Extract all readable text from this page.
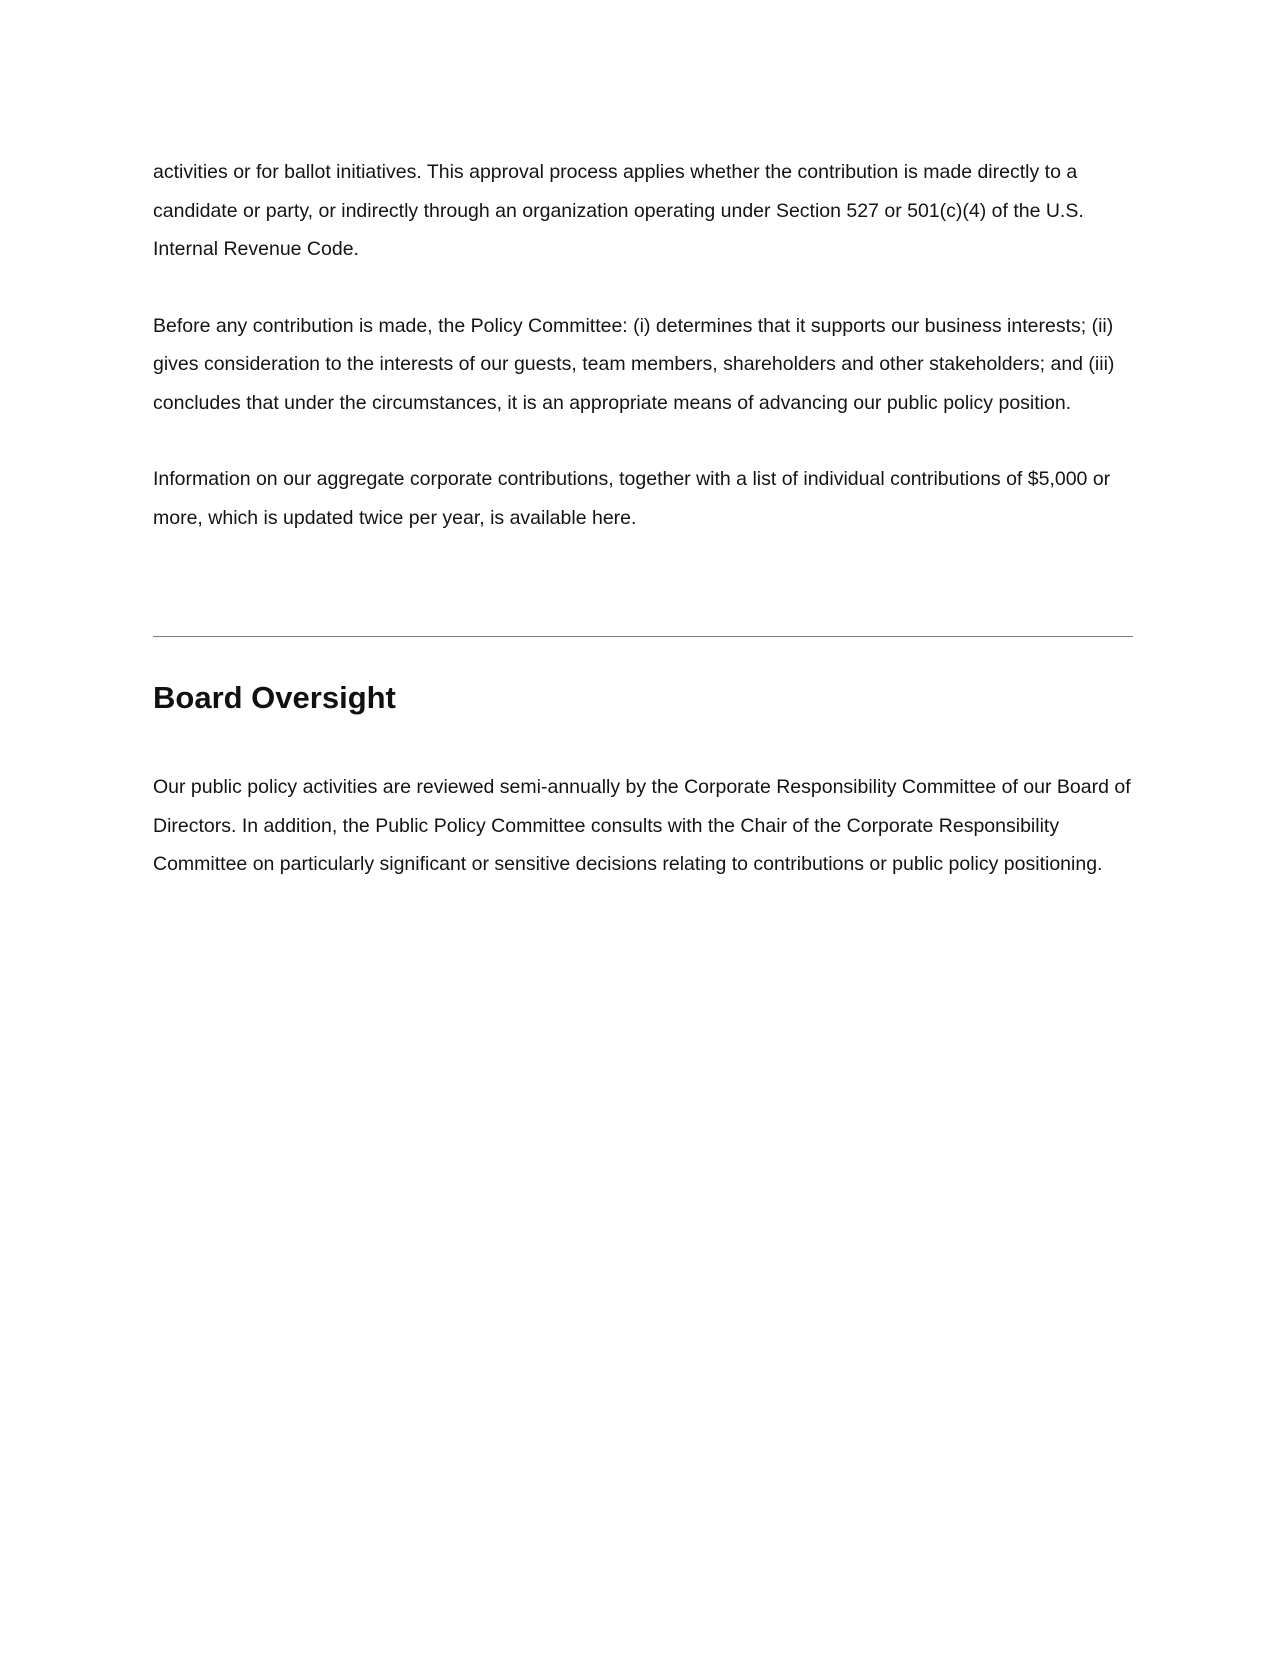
activities or for ballot initiatives. This approval process applies whether the contribution is made directly to a candidate or party, or indirectly through an organization operating under Section 527 or 501(c)(4) of the U.S. Internal Revenue Code.

Before any contribution is made, the Policy Committee: (i) determines that it supports our business interests; (ii) gives consideration to the interests of our guests, team members, shareholders and other stakeholders; and (iii) concludes that under the circumstances, it is an appropriate means of advancing our public policy position.

Information on our aggregate corporate contributions, together with a list of individual contributions of $5,000 or more, which is updated twice per year, is available here.

Board Oversight

Our public policy activities are reviewed semi-annually by the Corporate Responsibility Committee of our Board of Directors. In addition, the Public Policy Committee consults with the Chair of the Corporate Responsibility Committee on particularly significant or sensitive decisions relating to contributions or public policy positioning.
